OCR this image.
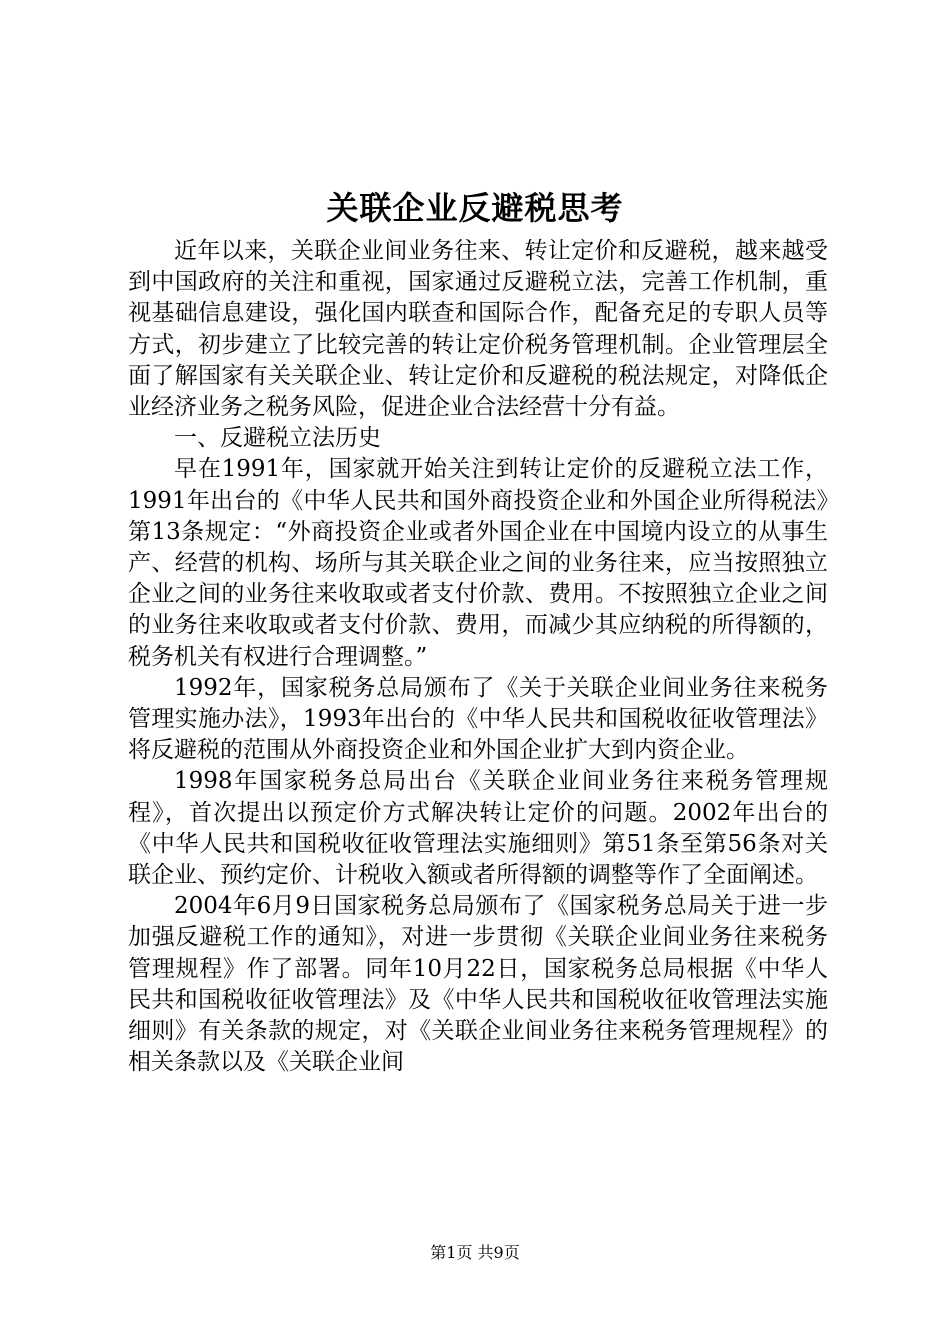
关联企业反避税思考

近年以来，关联企业间业务往来、转让定价和反避税，越来越受到中国政府的关注和重视，国家通过反避税立法，完善工作机制，重视基础信息建设，强化国内联查和国际合作，配备充足的专职人员等方式，初步建立了比较完善的转让定价税务管理机制。企业管理层全面了解国家有关关联企业、转让定价和反避税的税法规定，对降低企业经济业务之税务风险，促进企业合法经营十分有益。

一、反避税立法历史

早在1991年，国家就开始关注到转让定价的反避税立法工作，1991年出台的《中华人民共和国外商投资企业和外国企业所得税法》第13条规定：“外商投资企业或者外国企业在中国境内设立的从事生产、经营的机构、场所与其关联企业之间的业务往来，应当按照独立企业之间的业务往来收取或者支付价款、费用。不按照独立企业之间的业务往来收取或者支付价款、费用，而减少其应纳税的所得额的，税务机关有权进行合理调整。”

1992年，国家税务总局颁布了《关于关联企业间业务往来税务管理实施办法》，1993年出台的《中华人民共和国税收征收管理法》将反避税的范围从外商投资企业和外国企业扩大到内资企业。

1998年国家税务总局出台《关联企业间业务往来税务管理规程》，首次提出以预定价方式解决转让定价的问题。2002年出台的《中华人民共和国税收征收管理法实施细则》第51条至第56条对关联企业、预约定价、计税收入额或者所得额的调整等作了全面阐述。

2004年6月9日国家税务总局颁布了《国家税务总局关于进一步加强反避税工作的通知》，对进一步贯彻《关联企业间业务往来税务管理规程》作了部署。同年10月22日，国家税务总局根据《中华人民共和国税收征收管理法》及《中华人民共和国税收征收管理法实施细则》有关条款的规定，对《关联企业间业务往来税务管理规程》的相关条款以及《关联企业间

第1页 共9页
